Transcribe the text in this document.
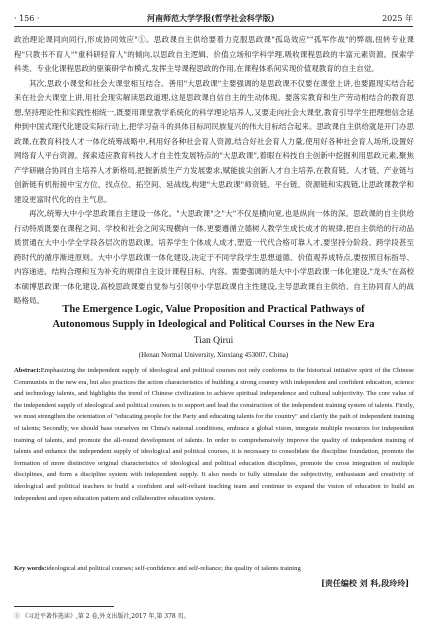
· 156 ·	河南师范大学学报(哲学社会科学版)	2025 年

政治理论课同向同行,形成协同效应"①。思政课自主供给要着力克服思政课"孤岛效应""孤军作战"的弊端,扭转专业课程"只教书不育人""重科研轻育人"的倾向,以思政自主逻辑、价值立场和学科学理,吸收课程思政的丰富元素资源。探索学科类、专业化课程思政的驱策研学布模式,发挥主导课程思政的作用,在课程体系间实现价值观教育的自主自觉。

其次,思政小课堂和社会大课堂相互结合。善用"大思政课"主要强调的是思政课不仅要在课堂上讲,也要跟现实结合起来在社会大课堂上讲,用社会现实解读思政道理,这是思政课自信自主的生动体现。要落实教育和生产劳动相结合的教育思想,坚持理论性和实践性相统一,既要用课堂教学系统化的科学理论培养人,又要走向社会大课堂,教育引导学生把理想信念延伸到中国式现代化建设实际行动上,把学习奋斗的具体目标同民族复兴的伟大目标结合起来。思政课自主供给就是开门办思政课,在教育科技人才一体化统筹战略中,利用好各种社会育人资源,结合好社会育人力量,使用好各种社会育人场所,设置好网络育人平台资源。探索适应教育科技人才自主性发展特点的"大思政课",着眼在科技自主创新中挖掘利用思政元素,聚焦产学研融合协同自主培养人才新格局,把握新质生产力发展要求,赋能拔尖创新人才自主培养,在教育链、人才链、产业链与创新链有机衔接中宝方位、找点位、拓空间、延战线,构建"大思政课"师资链、平台链、资源链和实践链,让思政课教学和建设更富时代化的自主气息。

再次,统筹大中小学思政课自主建设一体化。"大思政课"之"大"不仅是横向宽,也是纵向一体的深。思政课的自主供给行动特质既要在课程之间、学校和社会之间实现横向一体,更要遵循立德树人教学生成长成才的规律,把自主供给的行动品质贯通在大中小学全学段各层次的思政课。培养学生个体成人成才,塑造一代代合格可靠人才,要坚持分阶段、跨学段甚至跨时代的循序渐进原则。大中小学思政课一体化建设,决定于不同学段学生思想道德、价值观养成特点,要按照目标指导、内容递进、结构合理和互为补充的规律自主设计课程目标、内容。需要强调的是大中小学思政课一体化建设,"龙头"在高校本硕博思政课一体化建设,高校思政课要自觉参与引领中小学思政课自主性建设,主导思政课自主供给、自主协同育人的战略格局。

The Emergence Logic, Value Proposition and Practical Pathways of
Autonomous Supply in Ideological and Political Courses in the New Era
Tian Qirui
(Henan Normal University, Xinxiang 453007, China)
Abstract:Emphasizing the independent supply of ideological and political courses not only conforms to the historical initiative spirit of the Chinese Communists in the new era, but also practices the action characteristics of building a strong country with independent and confident education, science and technology talents, and highlights the trend of Chinese civilization to achieve spiritual independence and cultural subjectivity. The core value of the independent supply of ideological and political courses is to support and lead the construction of the independent training system of talents. Firstly, we must strengthen the orientation of "educating people for the Party and educating talents for the country" and clarify the path of independent training of talents; Secondly, we should base ourselves on China's national conditions, embrace a global vision, integrate multiple resources for independent training of talents, and promote the all-round development of talents. In order to comprehensively improve the quality of independent training of talents and enhance the independent supply of ideological and political courses, it is necessary to consolidate the discipline foundation, promote the formation of more distinctive original characteristics of ideological and political education disciplines, promote the cross integration of multiple disciplines, and form a discipline system with independent supply. It also needs to fully stimulate the subjectivity, enthusiasm and creativity of ideological and political teachers to build a confident and self-reliant teaching team and continue to expand the vision of education to build an independent and open education pattern and collaborative education system.
Key words:ideological and political courses; self-confidence and self-reliance; the quality of talents training
[责任编校 刘 科,段玲玲]
① 《习近平著作选读》,第 2 卷,外文出版社,2017 年,第 378 页。
